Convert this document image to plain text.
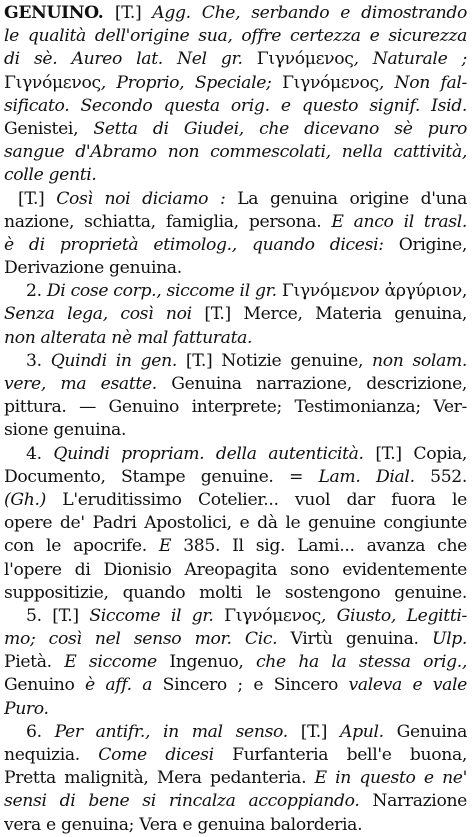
GENUINO. [T.] Agg. Che, serbando e dimostrando
le qualità dell'origine sua, offre certezza e sicurezza
di sè. Aureo lat. Nel gr. Γιγνόμενος, Naturale ;
Γιγνόμενος, Proprio, Speciale; Γιγνόμενος, Non fal-
sificato. Secondo questa orig. e questo signif. Isid.
Genistei, Setta di Giudei, che dicevano sè puro
sangue d'Abramo non commescolati, nella cattività,
colle genti.
[T.] Così noi diciamo : La genuina origine d'una
nazione, schiatta, famiglia, persona. E anco il trasl.
è di proprietà etimolog., quando dicesi: Origine,
Derivazione genuina.
2. Di cose corp., siccome il gr. Γιγνόμενον ἀργύριον,
Senza lega, così noi [T.] Merce, Materia genuina,
non alterata nè mal fatturata.
3. Quindi in gen. [T.] Notizie genuine, non solam.
vere, ma esatte. Genuina narrazione, descrizione,
pittura. — Genuino interprete; Testimonianza; Ver-
sione genuina.
4. Quindi propriam. della autenticità. [T.] Copia,
Documento, Stampe genuine. = Lam. Dial. 552.
(Gh.) L'eruditissimo Cotelier... vuol dar fuora le
opere de' Padri Apostolici, e dà le genuine congiunte
con le apocrife. E 385. Il sig. Lami... avanza che
l'opere di Dionisio Areopagita sono evidentemente
suppositizie, quando molti le sostengono genuine.
5. [T.] Siccome il gr. Γιγνόμενος, Giusto, Legitti-
mo; così nel senso mor. Cic. Virtù genuina. Ulp.
Pietà. E siccome Ingenuo, che ha la stessa orig.,
Genuino è aff. a Sincero ; e Sincero valeva e vale
Puro.
6. Per antifr., in mal senso. [T.] Apul. Genuina
nequizia. Come dicesi Furfanteria bell'e buona,
Pretta malignità, Mera pedanteria. E in questo e ne'
sensi di bene si rincalza accoppiando. Narrazione
vera e genuina; Vera e genuina balorderia.
